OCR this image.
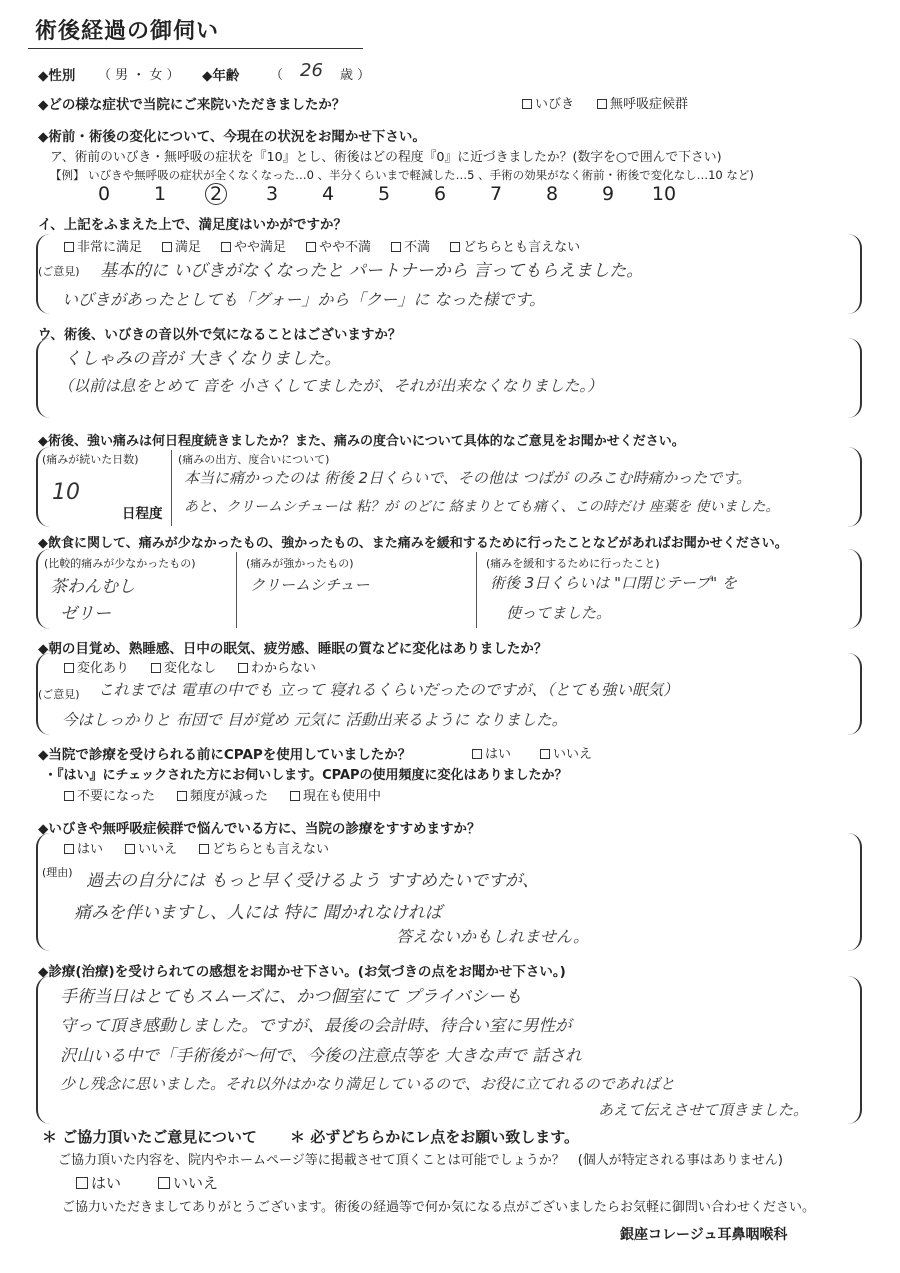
術後経過の御伺い
◆性別 （ 男 ・ 女 ） ◆年齢 （ 26 歳 ）
◆どの様な症状で当院にご来院いただきましたか？	いびき	無呼吸症候群
◆術前・術後の変化について、今現在の状況をお聞かせ下さい。
ア、術前のいびき・無呼吸の症状を『10』とし、術後はどの程度『0』に近づきましたか？(数字を○で囲んで下さい)
【例】 いびきや無呼吸の症状が全くなくなった…0 、半分くらいまで軽減した…5 、手術の効果がなく術前・術後で変化なし…10 など)
0 1 2 3 4 5 6 7 8 9 10
イ、上記をふまえた上で、満足度はいかがですか？
非常に満足	満足	やや満足	やや不満	不満	どちらとも言えない
(ご意見) 基本的に いびきがなくなったと パートナーから 言ってもらえました。
いびきがあったとしても「グォー」から「クー」に なった様です。
ウ、術後、いびきの音以外で気になることはございますか？
くしゃみの音が 大きくなりました。
（以前は息をとめて 音を 小さくしてましたが、それが出来なくなりました。）
◆術後、強い痛みは何日程度続きましたか？また、痛みの度合いについて具体的なご意見をお聞かせください。
(痛みが続いた日数)
10
日程度
(痛みの出方、度合いについて)
本当に痛かったのは 術後 2日くらいで、その他は つばが のみこむ時痛かったです。
あと、クリームシチューは 粘？が のどに 絡まりとても痛く、この時だけ 座薬を 使いました。
◆飲食に関して、痛みが少なかったもの、強かったもの、また痛みを緩和するために行ったことなどがあればお聞かせください。
(比較的痛みが少なかったもの)
茶わんむし
ゼリー
(痛みが強かったもの)
クリームシチュー
(痛みを緩和するために行ったこと)
術後 3日くらいは "口閉じテープ" を
使ってました。
◆朝の目覚め、熟睡感、日中の眠気、疲労感、睡眠の質などに変化はありましたか？
変化あり	変化なし	わからない
(ご意見) これまでは 電車の中でも 立って 寝れるくらいだったのですが、（とても強い眠気）
今はしっかりと 布団で 目が覚め 元気に 活動出来るように なりました。
◆当院で診療を受けられる前にCPAPを使用していましたか？	はい	いいえ
・『はい』にチェックされた方にお伺いします。CPAPの使用頻度に変化はありましたか？
不要になった	頻度が減った	現在も使用中
◆いびきや無呼吸症候群で悩んでいる方に、当院の診療をすすめますか？
はい	いいえ	どちらとも言えない
(理由) 過去の自分には もっと早く受けるよう すすめたいですが、
痛みを伴いますし、人には 特に 聞かれなければ
答えないかもしれません。
◆診療(治療)を受けられての感想をお聞かせ下さい。(お気づきの点をお聞かせ下さい。)
手術当日はとてもスムーズに、かつ個室にて プライバシーも
守って頂き感動しました。ですが、最後の会計時、待合い室に男性が
沢山いる中で「手術後が〜何で、今後の注意点等を 大きな声で 話され
少し残念に思いました。それ以外はかなり満足しているので、お役に立てれるのであればと
あえて伝えさせて頂きました。
＊ ご協力頂いたご意見について ＊ 必ずどちらかにレ点をお願い致します。
ご協力頂いた内容を、院内やホームページ等に掲載させて頂くことは可能でしょうか？　(個人が特定される事はありません)
はい	いいえ
ご協力いただきましてありがとうございます。術後の経過等で何か気になる点がございましたらお気軽に御問い合わせください。
銀座コレージュ耳鼻咽喉科
